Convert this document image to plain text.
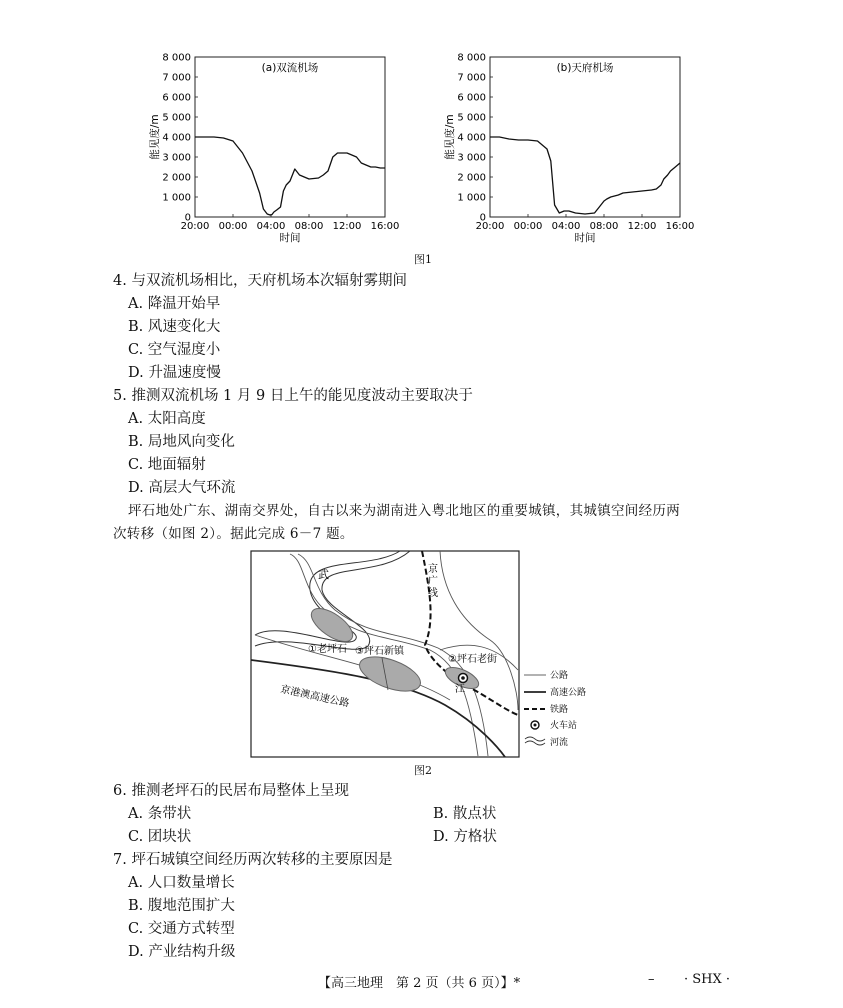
0
1 000
2 000
3 000
4 000
5 000
6 000
7 000
8 000
20:00 00:00 04:00 08:00 12:00 16:00
(a)双流机场
时间
能见度/m
0
1 000
2 000
3 000
4 000
5 000
6 000
7 000
8 000
20:00 00:00 04:00 08:00 12:00 16:00
(b)天府机场
时间
能见度/m
图1
4. 与双流机场相比，天府机场本次辐射雾期间
A. 降温开始早
B. 风速变化大
C. 空气湿度小
D. 升温速度慢
5. 推测双流机场 1 月 9 日上午的能见度波动主要取决于
A. 太阳高度
B. 局地风向变化
C. 地面辐射
D. 高层大气环流
坪石地处广东、湖南交界处，自古以来为湖南进入粤北地区的重要城镇，其城镇空间经历两
次转移（如图 2）。据此完成 6－7 题。
武
江
①老坪石 ③坪石新镇
②坪石老街
京港澳高速公路
京广线
公路
高速公路
铁路
火车站
河流
图2
6. 推测老坪石的民居布局整体上呈现
A. 条带状	B. 散点状
C. 团块状	D. 方格状
7. 坪石城镇空间经历两次转移的主要原因是
A. 人口数量增长
B. 腹地范围扩大
C. 交通方式转型
D. 产业结构升级
【高三地理　第 2 页（共 6 页）】*	– · SHX ·
